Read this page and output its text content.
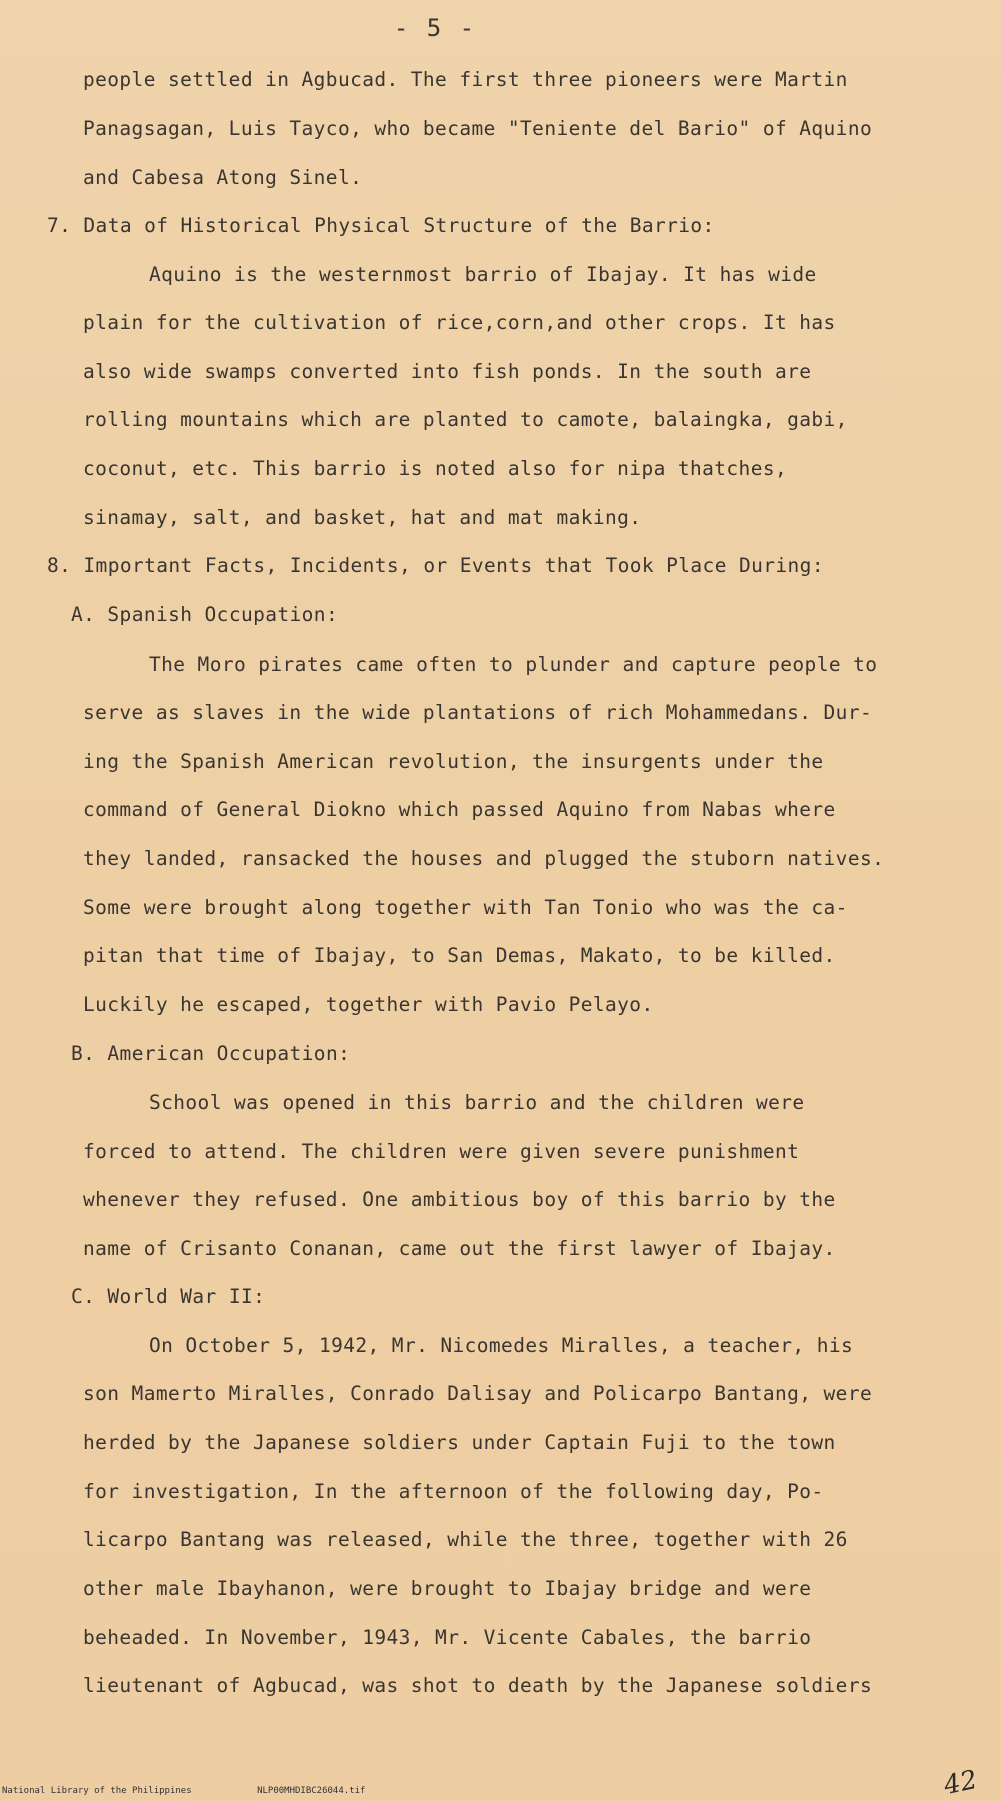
- 5 -
people settled in Agbucad. The first three pioneers were Martin
Panagsagan, Luis Tayco, who became "Teniente del Bario" of Aquino
and Cabesa Atong Sinel.
7. Data of Historical Physical Structure of the Barrio:
Aquino is the westernmost barrio of Ibajay. It has wide
plain for the cultivation of rice,corn,and other crops. It has
also wide swamps converted into fish ponds. In the south are
rolling mountains which are planted to camote, balaingka, gabi,
coconut, etc. This barrio is noted also for nipa thatches,
sinamay, salt, and basket, hat and mat making.
8. Important Facts, Incidents, or Events that Took Place During:
A. Spanish Occupation:
The Moro pirates came often to plunder and capture people to
serve as slaves in the wide plantations of rich Mohammedans. Dur-
ing the Spanish American revolution, the insurgents under the
command of General Diokno which passed Aquino from Nabas where
they landed, ransacked the houses and plugged the stuborn natives.
Some were brought along together with Tan Tonio who was the ca-
pitan that time of Ibajay, to San Demas, Makato, to be killed.
Luckily he escaped, together with Pavio Pelayo.
B. American Occupation:
School was opened in this barrio and the children were
forced to attend. The children were given severe punishment
whenever they refused. One ambitious boy of this barrio by the
name of Crisanto Conanan, came out the first lawyer of Ibajay.
C. World War II:
On October 5, 1942, Mr. Nicomedes Miralles, a teacher, his
son Mamerto Miralles, Conrado Dalisay and Policarpo Bantang, were
herded by the Japanese soldiers under Captain Fuji to the town
for investigation, In the afternoon of the following day, Po-
licarpo Bantang was released, while the three, together with 26
other male Ibayhanon, were brought to Ibajay bridge and were
beheaded. In November, 1943, Mr. Vicente Cabales, the barrio
lieutenant of Agbucad, was shot to death by the Japanese soldiers
National Library of the Philippines	NLP00MHDIBC26044.tif	42
